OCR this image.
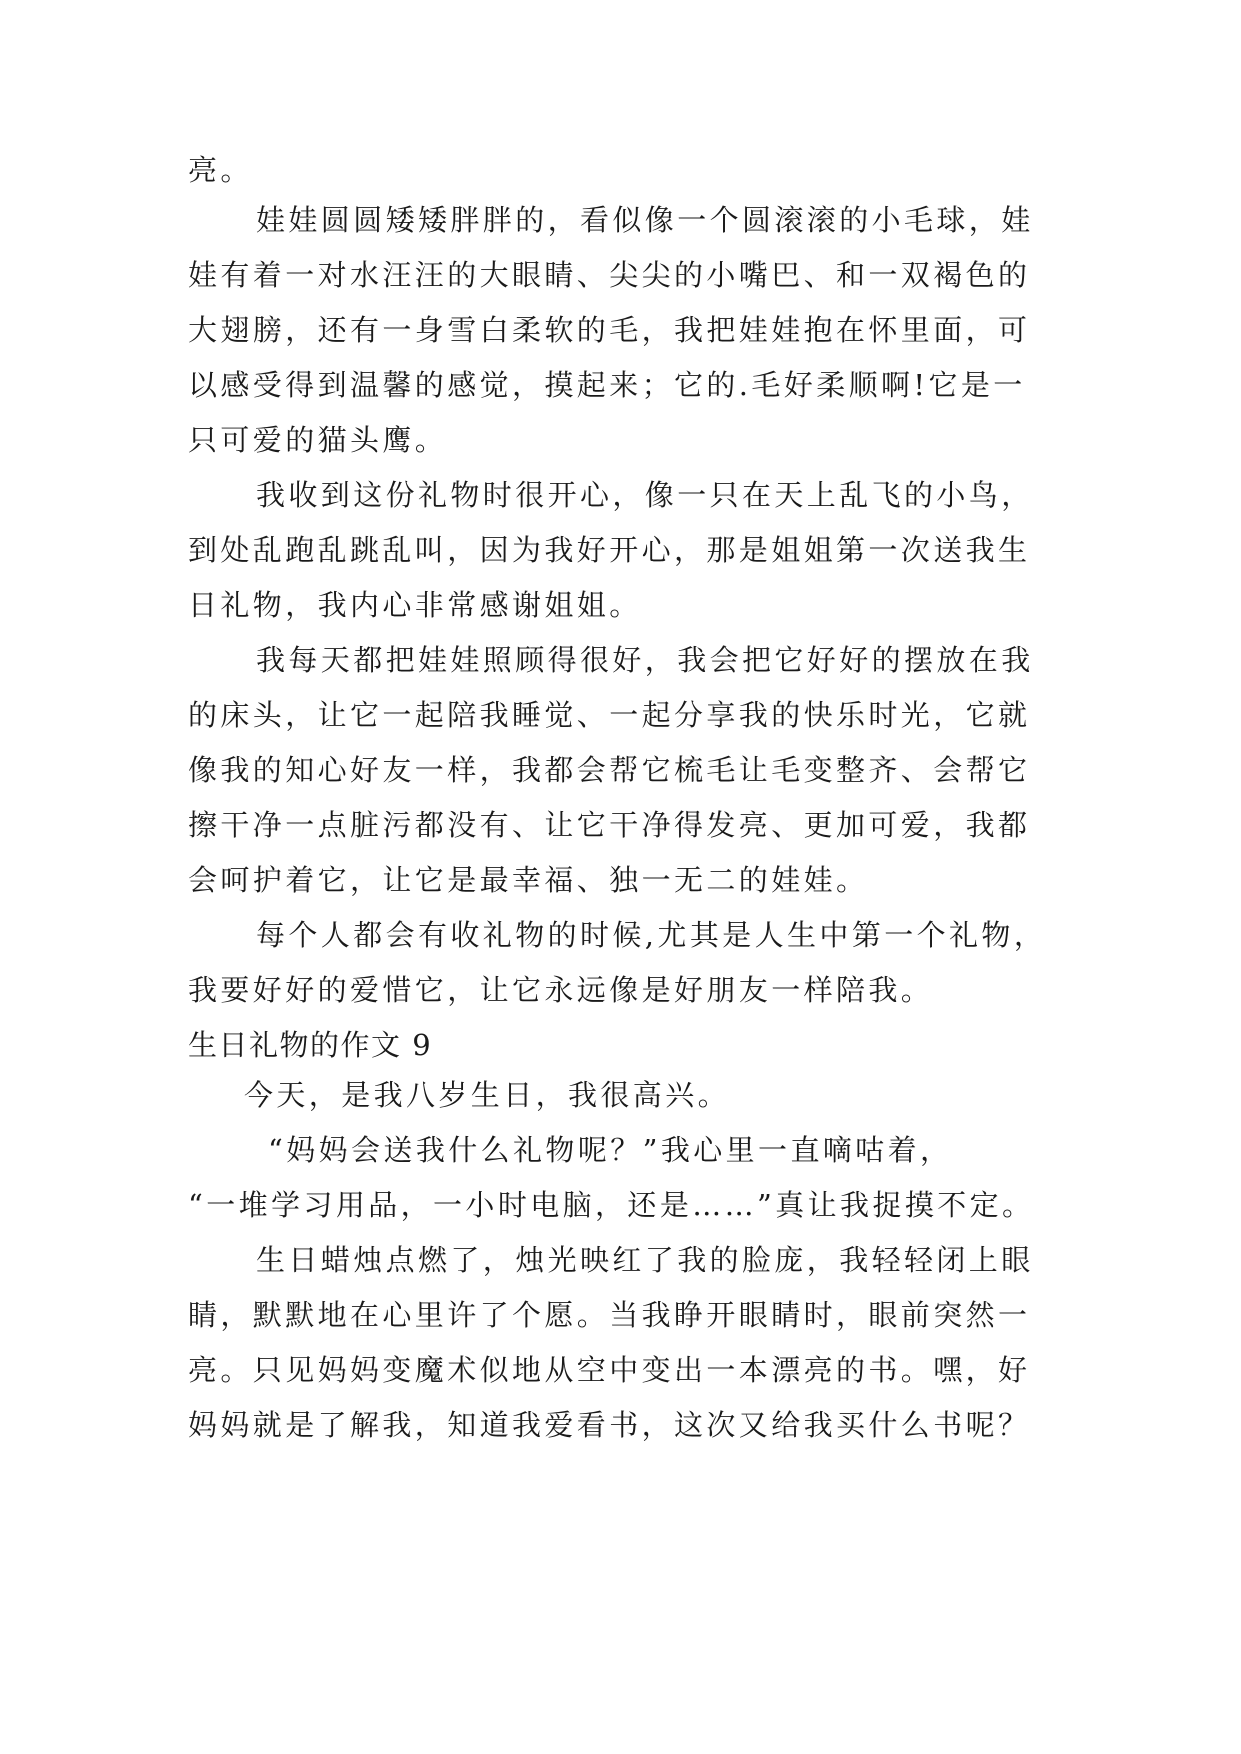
亮。
娃娃圆圆矮矮胖胖的，看似像一个圆滚滚的小毛球，娃
娃有着一对水汪汪的大眼睛、尖尖的小嘴巴、和一双褐色的
大翅膀，还有一身雪白柔软的毛，我把娃娃抱在怀里面，可
以感受得到温馨的感觉，摸起来；它的.毛好柔顺啊!它是一
只可爱的猫头鹰。
我收到这份礼物时很开心，像一只在天上乱飞的小鸟，
到处乱跑乱跳乱叫，因为我好开心，那是姐姐第一次送我生
日礼物，我内心非常感谢姐姐。
我每天都把娃娃照顾得很好，我会把它好好的摆放在我
的床头，让它一起陪我睡觉、一起分享我的快乐时光，它就
像我的知心好友一样，我都会帮它梳毛让毛变整齐、会帮它
擦干净一点脏污都没有、让它干净得发亮、更加可爱，我都
会呵护着它，让它是最幸福、独一无二的娃娃。
每个人都会有收礼物的时候,尤其是人生中第一个礼物，
我要好好的爱惜它，让它永远像是好朋友一样陪我。
生日礼物的作文 9
今天，是我八岁生日，我很高兴。
“妈妈会送我什么礼物呢？”我心里一直嘀咕着，
“一堆学习用品，一小时电脑，还是……”真让我捉摸不定。
生日蜡烛点燃了，烛光映红了我的脸庞，我轻轻闭上眼
睛，默默地在心里许了个愿。当我睁开眼睛时，眼前突然一
亮。只见妈妈变魔术似地从空中变出一本漂亮的书。嘿，好
妈妈就是了解我，知道我爱看书，这次又给我买什么书呢？
